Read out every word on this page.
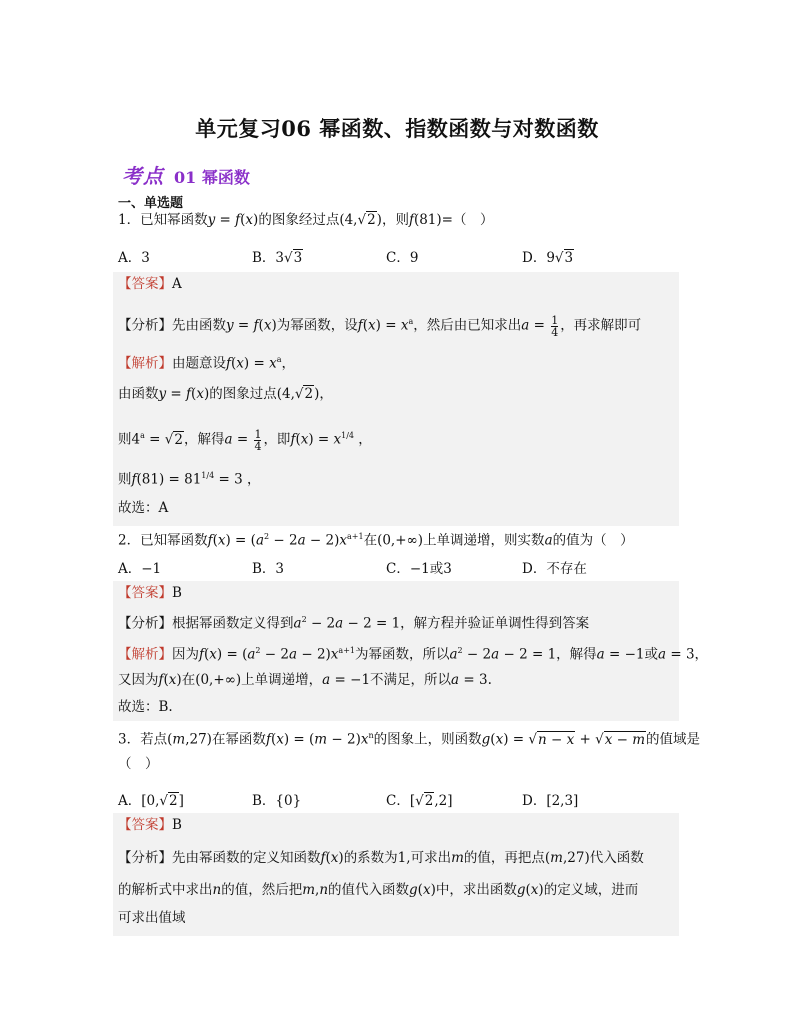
单元复习06 幂函数、指数函数与对数函数
考点 01 幂函数
一、单选题
1．已知幂函数y = f(x)的图象经过点(4,√2)，则f(81)=（　）
A．3	B．3√3	C．9	D．9√3
【答案】A
【分析】先由函数y = f(x)为幂函数，设$f(x) = x^a$，然后由已知求出$a = \frac{1}{4}$ ，再求解即可
【解析】由题意设$f(x) = x^a$，
由函数y = f(x)的图象过点(4,√2)，
则$4^a = √2$，解得$a = \frac{1}{4}$ ，即$f(x) = x^{1/4}$ ，
则$f(81) = 81^{1/4} = 3$ ，
故选：A
2．已知幂函数$f(x) = (a^2 - 2a - 2)x^{a+1}$在(0,+∞)上单调递增，则实数a的值为（　）
A．−1	B．3	C．−1或3	D．不存在
【答案】B
【分析】根据幂函数定义得到$a^2 - 2a - 2 = 1$，解方程并验证单调性得到答案
【解析】因为$f(x) = (a^2 - 2a - 2)x^{a+1}$为幂函数，所以$a^2 - 2a - 2 = 1$，解得a = −1或a = 3，
又因为f(x)在(0,+∞)上单调递增，a = −1不满足，所以a = 3.
故选：B.
3．若点(m,27)在幂函数$f(x) = (m - 2)x^n$的图象上，则函数g(x) = √n − x + √x − m的值域是
（　）
A．[0,√2]	B．{0}	C．[√2,2]	D．[2,3]
【答案】B
【分析】先由幂函数的定义知函数f(x)的系数为1,可求出m的值，再把点(m,27)代入函数
的解析式中求出n的值，然后把m,n的值代入函数g(x)中，求出函数g(x)的定义域，进而
可求出值域
